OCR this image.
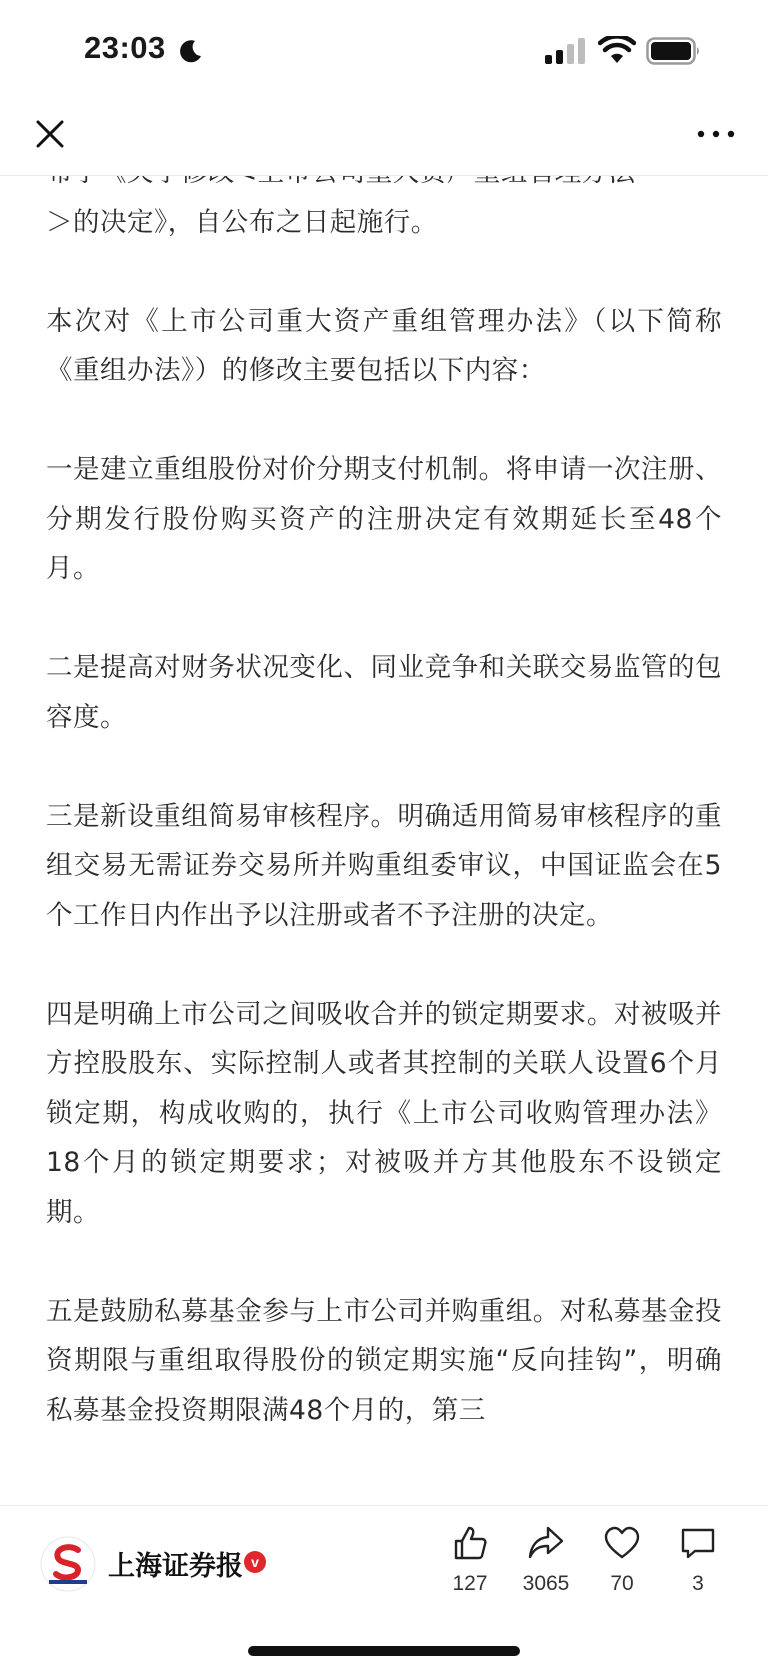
23:03

＞的决定》，自公布之日起施行。

本次对《上市公司重大资产重组管理办法》（以下简称《重组办法》）的修改主要包括以下内容：

一是建立重组股份对价分期支付机制。将申请一次注册、分期发行股份购买资产的注册决定有效期延长至48个月。

二是提高对财务状况变化、同业竞争和关联交易监管的包容度。

三是新设重组简易审核程序。明确适用简易审核程序的重组交易无需证券交易所并购重组委审议，中国证监会在5个工作日内作出予以注册或者不予注册的决定。

四是明确上市公司之间吸收合并的锁定期要求。对被吸并方控股股东、实际控制人或者其控制的关联人设置6个月锁定期，构成收购的，执行《上市公司收购管理办法》18个月的锁定期要求；对被吸并方其他股东不设锁定期。

五是鼓励私募基金参与上市公司并购重组。对私募基金投资期限与重组取得股份的锁定期实施“反向挂钩”，明确私募基金投资期限满48个月的，第三

上海证券报 v
127	3065	70	3
